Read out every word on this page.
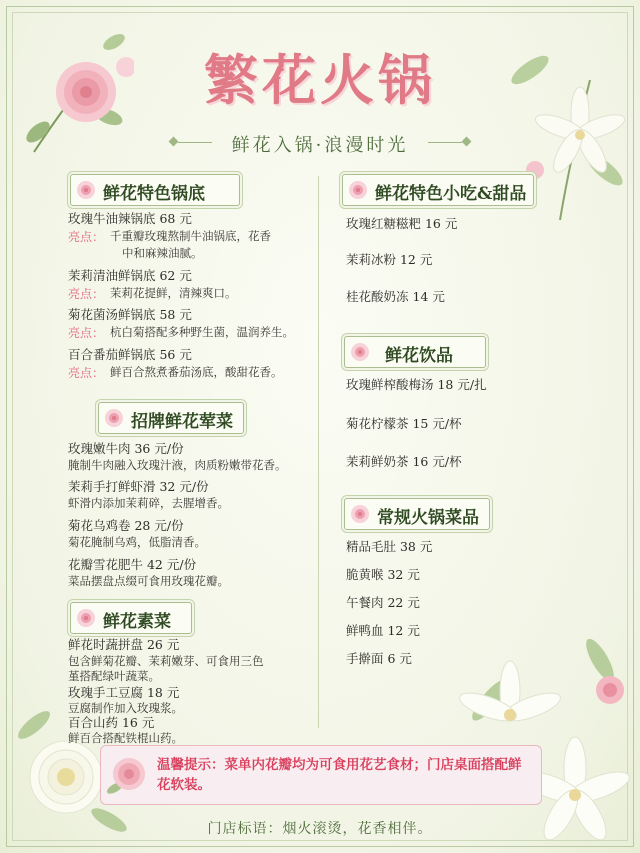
繁花火锅
鲜花入锅·浪漫时光
鲜花特色锅底
玫瑰牛油辣锅底 68 元
亮点： 千重瓣玫瑰熬制牛油锅底，花香
中和麻辣油腻。
茉莉清油鲜锅底 62 元
亮点： 茉莉花提鲜，清辣爽口。
菊花菌汤鲜锅底 58 元
亮点： 杭白菊搭配多种野生菌，温润养生。
百合番茄鲜锅底 56 元
亮点： 鲜百合熬煮番茄汤底，酸甜花香。
招牌鲜花荤菜
玫瑰嫩牛肉 36 元/份
腌制牛肉融入玫瑰汁液，肉质粉嫩带花香。
茉莉手打鲜虾滑 32 元/份
虾滑内添加茉莉碎，去腥增香。
菊花乌鸡卷 28 元/份
菊花腌制乌鸡，低脂清香。
花瓣雪花肥牛 42 元/份
菜品摆盘点缀可食用玫瑰花瓣。
鲜花素菜
鲜花时蔬拼盘 26 元
包含鲜菊花瓣、茉莉嫩芽、可食用三色
堇搭配绿叶蔬菜。
玫瑰手工豆腐 18 元
豆腐制作加入玫瑰浆。
百合山药 16 元
鲜百合搭配铁棍山药。
鲜花特色小吃&甜品
玫瑰红糖糍粑 16 元
茉莉冰粉 12 元
桂花酸奶冻 14 元
鲜花饮品
玫瑰鲜榨酸梅汤 18 元/扎
菊花柠檬茶 15 元/杯
茉莉鲜奶茶 16 元/杯
常规火锅菜品
精品毛肚 38 元
脆黄喉 32 元
午餐肉 22 元
鲜鸭血 12 元
手擀面 6 元
温馨提示：菜单内花瓣均为可食用花艺食材；门店桌面搭配鲜花软装。
门店标语：烟火滚烫，花香相伴。
